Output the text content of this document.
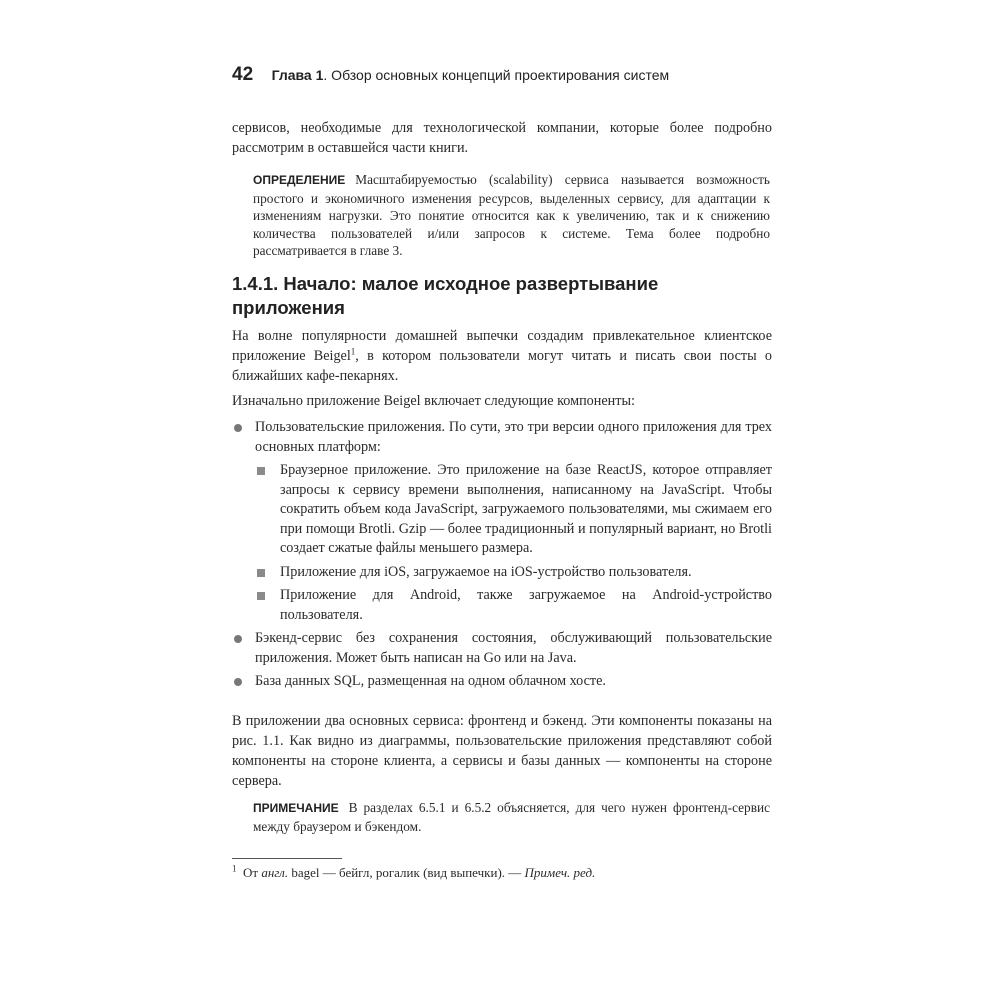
42 Глава 1. Обзор основных концепций проектирования систем
сервисов, необходимые для технологической компании, которые более подробно рассмотрим в оставшейся части книги.
ОПРЕДЕЛЕНИЕ Масштабируемостью (scalability) сервиса называется возможность простого и экономичного изменения ресурсов, выделенных сервису, для адаптации к изменениям нагрузки. Это понятие относится как к увеличению, так и к снижению количества пользователей и/или запросов к системе. Тема более подробно рассматривается в главе 3.
1.4.1. Начало: малое исходное развертывание приложения
На волне популярности домашней выпечки создадим привлекательное клиентское приложение Beigel$^1$, в котором пользователи могут читать и писать свои посты о ближайших кафе-пекарнях.
Изначально приложение Beigel включает следующие компоненты:
Пользовательские приложения. По сути, это три версии одного приложения для трех основных платформ:
Браузерное приложение. Это приложение на базе ReactJS, которое отправляет запросы к сервису времени выполнения, написанному на JavaScript. Чтобы сократить объем кода JavaScript, загружаемого пользователями, мы сжимаем его при помощи Brotli. Gzip — более традиционный и популярный вариант, но Brotli создает сжатые файлы меньшего размера.
Приложение для iOS, загружаемое на iOS-устройство пользователя.
Приложение для Android, также загружаемое на Android-устройство пользователя.
Бэкенд-сервис без сохранения состояния, обслуживающий пользовательские приложения. Может быть написан на Go или на Java.
База данных SQL, размещенная на одном облачном хосте.
В приложении два основных сервиса: фронтенд и бэкенд. Эти компоненты показаны на рис. 1.1. Как видно из диаграммы, пользовательские приложения представляют собой компоненты на стороне клиента, а сервисы и базы данных — компоненты на стороне сервера.
ПРИМЕЧАНИЕ В разделах 6.5.1 и 6.5.2 объясняется, для чего нужен фронтенд-сервис между браузером и бэкендом.
$^1$ От англ. bagel — бейгл, рогалик (вид выпечки). — Примеч. ред.
